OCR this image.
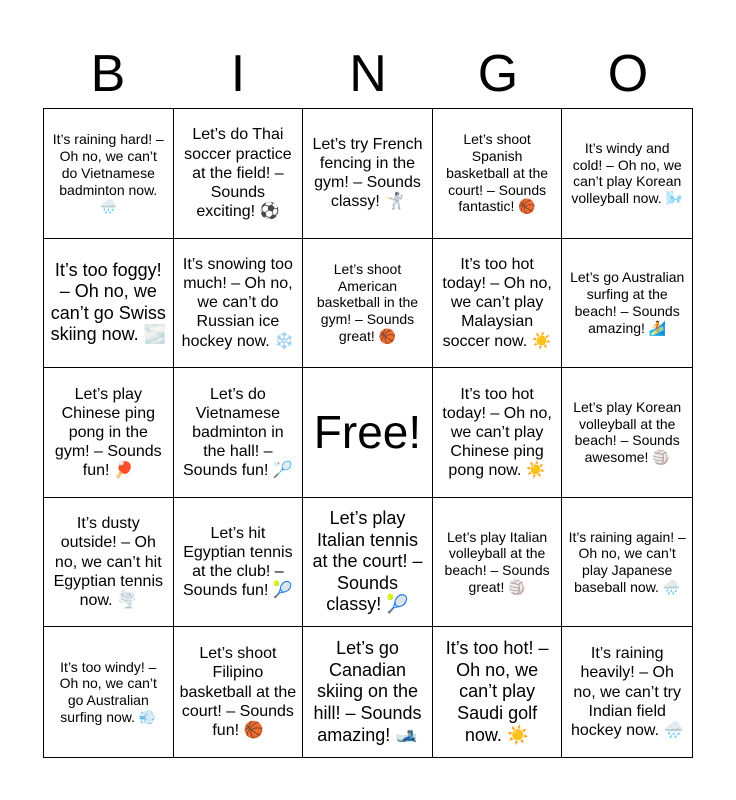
B	I	N	G	O
It’s raining hard! – Oh no, we can’t do Vietnamese badminton now. 🌧️
Let’s do Thai soccer practice at the field! – Sounds exciting! ⚽
Let’s try French fencing in the gym! – Sounds classy! 🤺
Let’s shoot Spanish basketball at the court! – Sounds fantastic! 🏀
It’s windy and cold! – Oh no, we can’t play Korean volleyball now. 🌬️
It’s too foggy! – Oh no, we can’t go Swiss skiing now. 🌫️
It’s snowing too much! – Oh no, we can’t do Russian ice hockey now. ❄️
Let’s shoot American basketball in the gym! – Sounds great! 🏀
It’s too hot today! – Oh no, we can’t play Malaysian soccer now. ☀️
Let’s go Australian surfing at the beach! – Sounds amazing! 🏄
Let’s play Chinese ping pong in the gym! – Sounds fun! 🏓
Let’s do Vietnamese badminton in the hall! – Sounds fun! 🏸
Free!
It’s too hot today! – Oh no, we can’t play Chinese ping pong now. ☀️
Let’s play Korean volleyball at the beach! – Sounds awesome! 🏐
It’s dusty outside! – Oh no, we can’t hit Egyptian tennis now. 🌪️
Let’s hit Egyptian tennis at the club! – Sounds fun! 🎾
Let’s play Italian tennis at the court! – Sounds classy! 🎾
Let’s play Italian volleyball at the beach! – Sounds great! 🏐
It’s raining again! – Oh no, we can’t play Japanese baseball now. 🌧️
It’s too windy! – Oh no, we can’t go Australian surfing now. 💨
Let’s shoot Filipino basketball at the court! – Sounds fun! 🏀
Let’s go Canadian skiing on the hill! – Sounds amazing! 🎿
It’s too hot! – Oh no, we can’t play Saudi golf now. ☀️
It’s raining heavily! – Oh no, we can’t try Indian field hockey now. 🌧️
